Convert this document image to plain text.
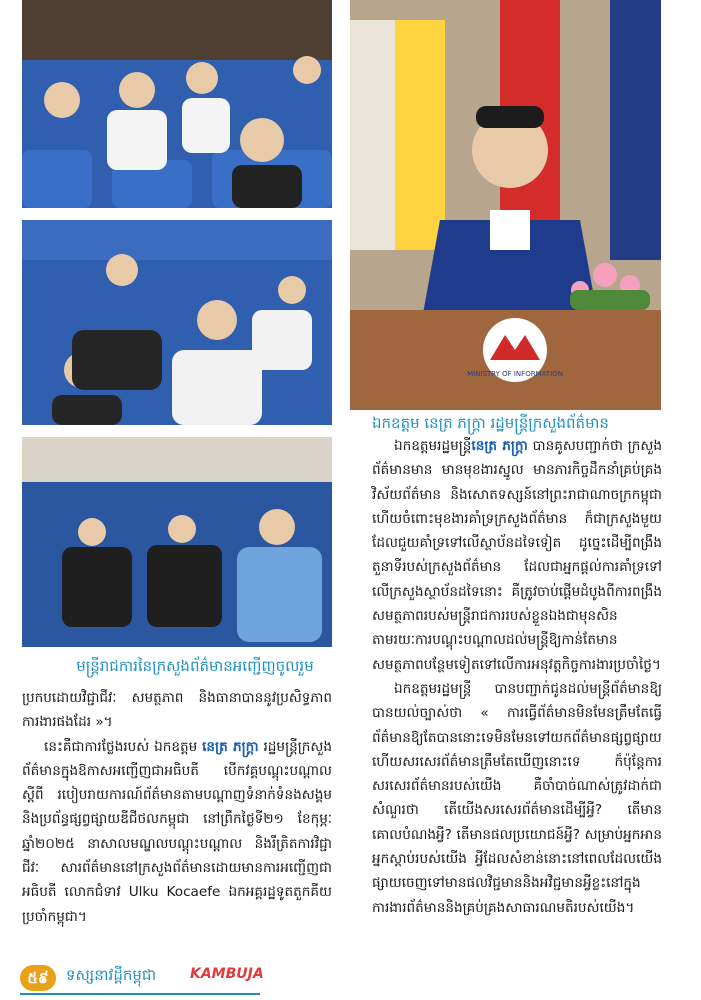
MINISTRY OF INFORMATION
ឯកឧត្តម នេត្រ ភក្ត្រា រដ្ឋមន្ត្រីក្រសួងព័ត៌មាន
មន្ត្រីរាជការនៃក្រសួងព័ត៌មានអញ្ជើញចូលរួម

ឯកឧត្តមរដ្ឋមន្ត្រីនេត្រ ភក្ត្រា បានគូសបញ្ជាក់ថា ក្រសួងព័ត៌មានមាន មានមុខងារស្នូល មានភារកិច្ចដឹកនាំគ្រប់គ្រងវិស័យព័ត៌មាន និងសោតទស្សន៍នៅព្រះរាជាណាចក្រកម្ពុជា ហើយចំពោះមុខងារគាំទ្រក្រសួងព័ត៌មាន ក៏ជាក្រសួងមួយដែលជួយគាំទ្រទៅលើស្ថាប័នដទៃទៀត ដូច្នេះដើម្បីពង្រឹងតួនាទីរបស់ក្រសួងព័ត៌មាន ដែលជាអ្នកផ្ដល់ការគាំទ្រទៅលើក្រសួងស្ថាប័នដទៃនោះ គឺត្រូវចាប់ផ្ដើមដំបូងពីការពង្រឹងសមត្ថភាពរបស់មន្ត្រីរាជការរបស់ខ្លួនឯងជាមុនសិន តាមរយៈការបណ្ដុះបណ្ដាលដល់មន្ត្រីឱ្យកាន់តែមានសមត្ថភាពបន្ថែមទៀតទៅលើការអនុវត្តកិច្ចការងារប្រចាំថ្ងៃ។

ឯកឧត្តមរដ្ឋមន្ត្រី បានបញ្ជាក់ជូនដល់មន្ត្រីព័ត៌មានឱ្យបានយល់ច្បាស់ថា « ការធ្វើព័ត៌មានមិនមែនត្រឹមតែធ្វើព័ត៌មានឱ្យតែបាននោះទេមិនមែនទៅយកព័ត៌មានផ្សព្វផ្សាយហើយសរសេរព័ត៌មានត្រឹមតែឃើញនោះទេ ក៏ប៉ុន្តែការសរសេរព័ត៌មានរបស់យើង គឺចាំបាច់ណាស់ត្រូវដាក់ជាសំណួរថា តើយើងសរសេរព័ត៌មានដើម្បីអ្វី? តើមានគោលបំណងអ្វី? តើមានផលប្រយោជន៍អ្វី? សម្រាប់អ្នកអាន អ្នកស្ដាប់របស់យើង អ្វីដែលសំខាន់នោះនៅពេលដែលយើងផ្សាយចេញទៅមានផលវិជ្ជមាននិងអវិជ្ជមានអ្វីខ្លះនៅក្នុងការងារព័ត៌មាននិងគ្រប់គ្រងសាធារណមតិរបស់យើង។

ប្រកបដោយវិជ្ជាជីវៈ សមត្ថភាព និងធានាបាននូវប្រសិទ្ធភាពការងារផងដែរ »។

នេះគឺជាការថ្លែងរបស់ ឯកឧត្តម នេត្រ ភក្ត្រា រដ្ឋមន្ត្រីក្រសួងព័ត៌មានក្នុងឱកាសអញ្ជើញជាអធិបតី បើកវគ្គបណ្ដុះបណ្ដាលស្ដីពី របៀបរាយការណ៍ព័ត៌មានតាមបណ្ដាញទំនាក់ទំនងសង្គម និងប្រព័ន្ធផ្សព្វផ្សាយឌីជីថលកម្ពុជា នៅព្រឹកថ្ងៃទី២១ ខែកុម្ភៈ ឆ្នាំ២០២៥ នាសាលមណ្ឌលបណ្ដុះបណ្ដាល និងរឹត្រិតការវិជ្ជាជីវៈ សារព័ត៌មាននៅក្រសួងព័ត៌មានដោយមានការអញ្ជើញជាអធិបតី លោកជំទាវ Ulku Kocaefe ឯកអគ្គរដ្ឋទូតតួកគីយ ប្រចាំកម្ពុជា។

៥៩	ទស្សនាវដ្ដីកម្ពុជា KAMBUJA
